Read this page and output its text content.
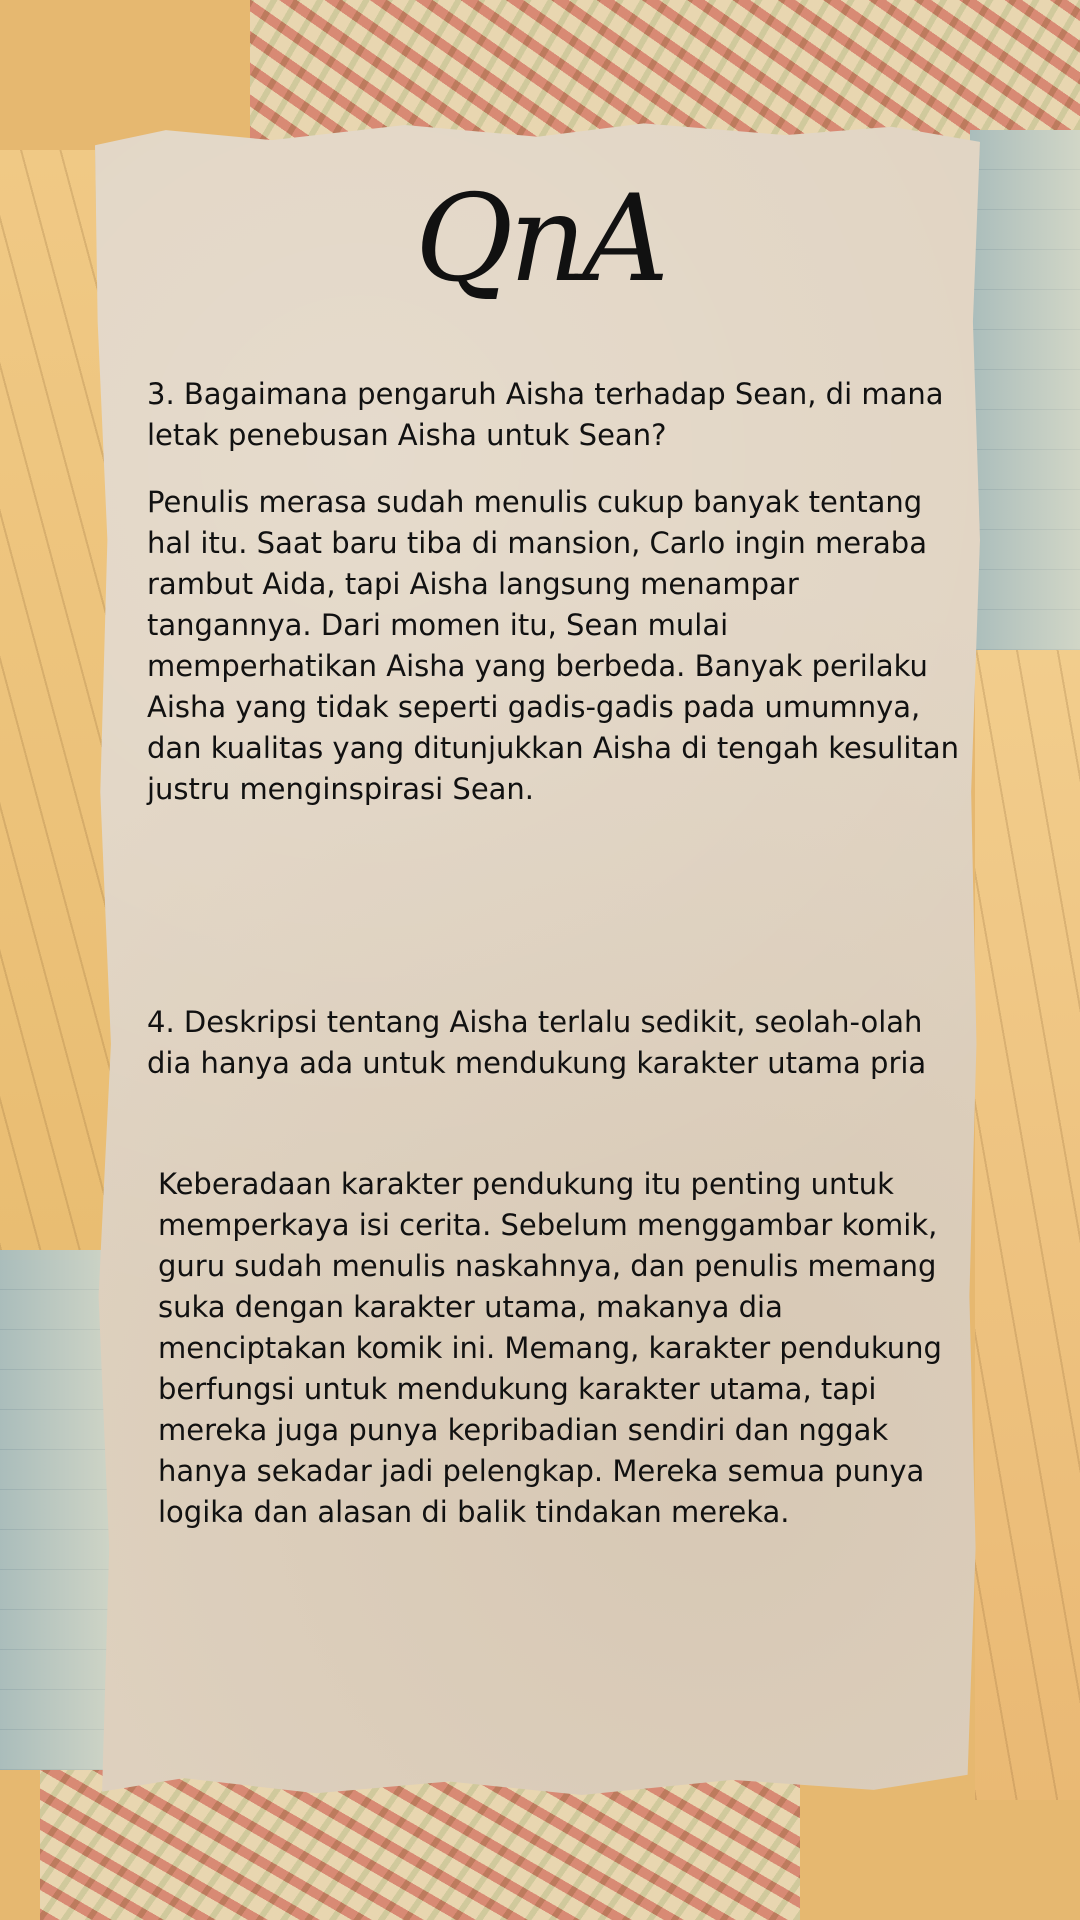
QnA

3. Bagaimana pengaruh Aisha terhadap Sean, di mana letak penebusan Aisha untuk Sean?

Penulis merasa sudah menulis cukup banyak tentang hal itu. Saat baru tiba di mansion, Carlo ingin meraba rambut Aida, tapi Aisha langsung menampar tangannya. Dari momen itu, Sean mulai memperhatikan Aisha yang berbeda. Banyak perilaku Aisha yang tidak seperti gadis-gadis pada umumnya, dan kualitas yang ditunjukkan Aisha di tengah kesulitan justru menginspirasi Sean.

4. Deskripsi tentang Aisha terlalu sedikit, seolah-olah dia hanya ada untuk mendukung karakter utama pria

Keberadaan karakter pendukung itu penting untuk memperkaya isi cerita. Sebelum menggambar komik, guru sudah menulis naskahnya, dan penulis memang suka dengan karakter utama, makanya dia menciptakan komik ini. Memang, karakter pendukung berfungsi untuk mendukung karakter utama, tapi mereka juga punya kepribadian sendiri dan nggak hanya sekadar jadi pelengkap. Mereka semua punya logika dan alasan di balik tindakan mereka.
